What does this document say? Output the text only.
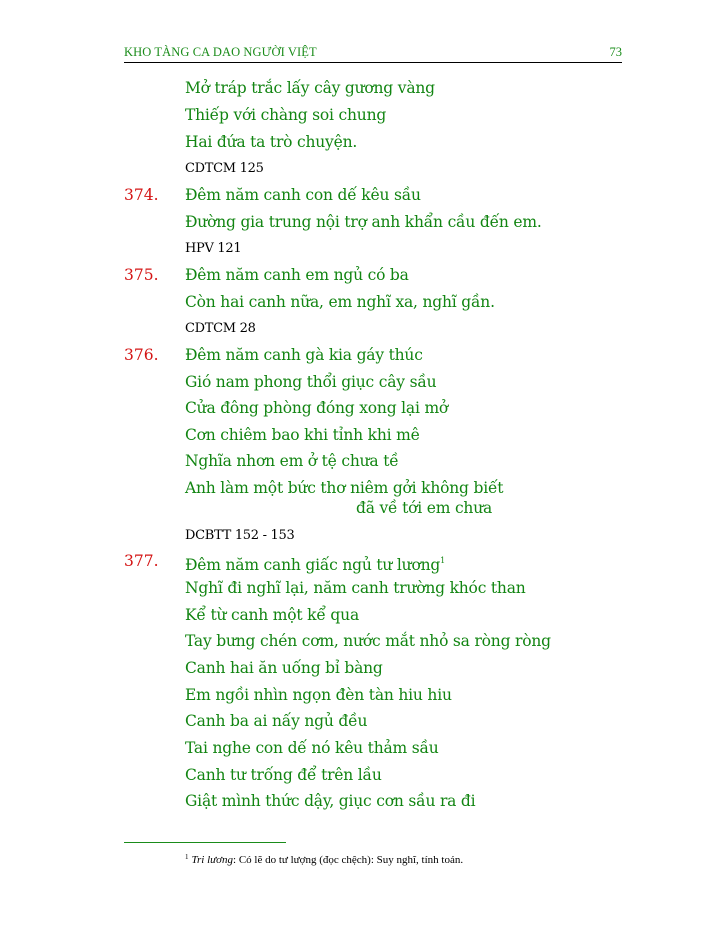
KHO TÀNG CA DAO NGƯỜI VIỆT	73
Mở tráp trắc lấy cây gương vàng
Thiếp với chàng soi chung
Hai đứa ta trò chuyện.
CDTCM 125
374. Đêm năm canh con dế kêu sầu
Đường gia trung nội trợ anh khẩn cầu đến em.
HPV 121
375. Đêm năm canh em ngủ có ba
Còn hai canh nữa, em nghĩ xa, nghĩ gần.
CDTCM 28
376. Đêm năm canh gà kia gáy thúc
Gió nam phong thổi giục cây sầu
Cửa đông phòng đóng xong lại mở
Cơn chiêm bao khi tỉnh khi mê
Nghĩa nhơn em ở tệ chưa tề
Anh làm một bức thơ niêm gởi không biết
đã về tới em chưa
DCBTT 152 - 153
377. Đêm năm canh giấc ngủ tư lương$^1$
Nghĩ đi nghĩ lại, năm canh trường khóc than
Kể từ canh một kể qua
Tay bưng chén cơm, nước mắt nhỏ sa ròng ròng
Canh hai ăn uống bỉ bàng
Em ngồi nhìn ngọn đèn tàn hiu hiu
Canh ba ai nấy ngủ đều
Tai nghe con dế nó kêu thảm sầu
Canh tư trống để trên lầu
Giật mình thức dậy, giục cơn sầu ra đi
$^1$ Tri lương: Có lẽ do tư lượng (đọc chệch): Suy nghĩ, tính toán.
